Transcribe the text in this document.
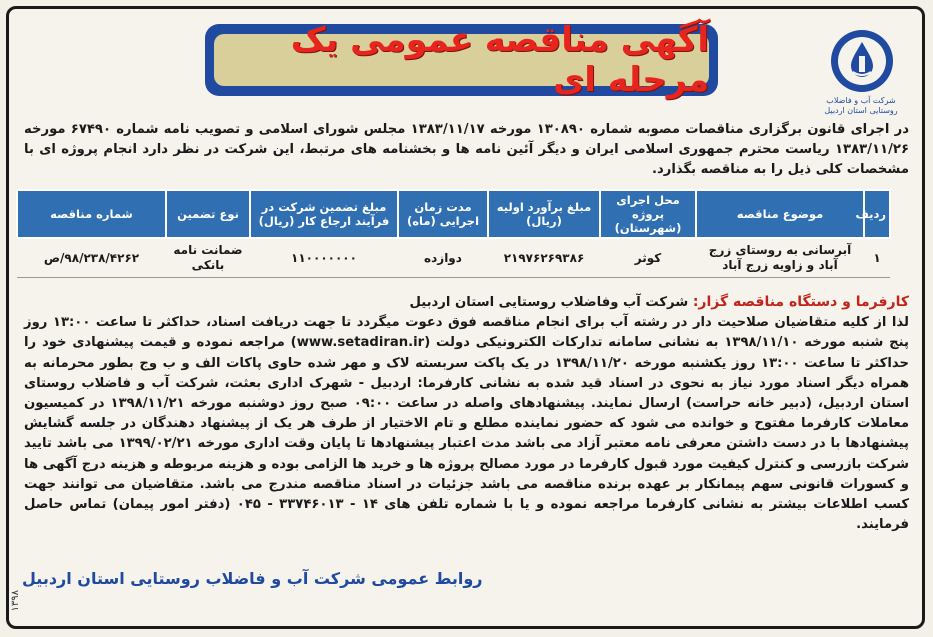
آگهی مناقصه عمومی یک مرحله ای
شرکت آب و فاضلاب
روستایی استان اردبیل
در اجرای قانون برگزاری مناقصات مصوبه شماره ۱۳۰۸۹۰ مورخه ۱۳۸۳/۱۱/۱۷ مجلس شورای اسلامی و تصویب نامه شماره ۶۷۴۹۰ مورخه ۱۳۸۳/۱۱/۲۶ ریاست محترم جمهوری اسلامی ایران و دیگر آئین نامه ها و بخشنامه های مرتبط، این شرکت در نظر دارد انجام پروژه ای با مشخصات کلی ذیل را به مناقصه بگذارد.
ردیف	موضوع مناقصه	محل اجرای پروژه (شهرستان)	مبلغ برآورد اولیه (ریال)	مدت زمان اجرایی (ماه)	مبلغ تضمین شرکت در فرآیند ارجاع کار (ریال)	نوع تضمین	شماره مناقصه
۱	آبرسانی به روستای زرج آباد و زاویه زرج آباد	کوثر	۲۱۹۷۶۲۶۹۳۸۶	دوازده	۱۱۰۰۰۰۰۰۰	ضمانت نامه بانکی	۹۸/۲۳۸/۴۲۶۲/ص
کارفرما و دستگاه مناقصه گزار: شرکت آب وفاضلاب روستایی استان اردبیل
لذا از کلیه متقاضیان صلاحیت دار در رشته آب برای انجام مناقصه فوق دعوت میگردد تا جهت دریافت اسناد، حداکثر تا ساعت ۱۳:۰۰ روز پنج شنبه مورخه ۱۳۹۸/۱۱/۱۰ به نشانی سامانه تدارکات الکترونیکی دولت (www.setadiran.ir) مراجعه نموده و قیمت پیشنهادی خود را حداکثر تا ساعت ۱۳:۰۰ روز یکشنبه مورخه ۱۳۹۸/۱۱/۲۰ در یک پاکت سربسته لاک و مهر شده حاوی پاکات الف و ب وج بطور محرمانه به همراه دیگر اسناد مورد نیاز به نحوی در اسناد قید شده به نشانی کارفرما: اردبیل - شهرک اداری بعثت، شرکت آب و فاضلاب روستای استان اردبیل، (دبیر خانه حراست) ارسال نمایند. پیشنهادهای واصله در ساعت ۰۹:۰۰ صبح روز دوشنبه مورخه ۱۳۹۸/۱۱/۲۱ در کمیسیون معاملات کارفرما مفتوح و خوانده می شود که حضور نماینده مطلع و تام الاختیار از طرف هر یک از پیشنهاد دهندگان در جلسه گشایش پیشنهادها با در دست داشتن معرفی نامه معتبر آزاد می باشد مدت اعتبار پیشنهادها تا پایان وقت اداری مورخه ۱۳۹۹/۰۲/۲۱ می باشد تایید شرکت بازرسی و کنترل کیفیت مورد قبول کارفرما در مورد مصالح پروژه ها و خرید ها الزامی بوده و هزینه مربوطه و هزینه درج آگهی ها و کسورات قانونی سهم پیمانکار بر عهده برنده مناقصه می باشد جزئیات در اسناد مناقصه مندرج می باشد. متقاضیان می توانند جهت کسب اطلاعات بیشتر به نشانی کارفرما مراجعه نموده و یا با شماره تلفن های ۱۴ - ۳۳۷۴۶۰۱۳ - ۰۴۵ (دفتر امور پیمان) تماس حاصل فرمایند.
روابط عمومی شرکت آب و فاضلاب روستایی استان اردبیل
۱۳۹۸
